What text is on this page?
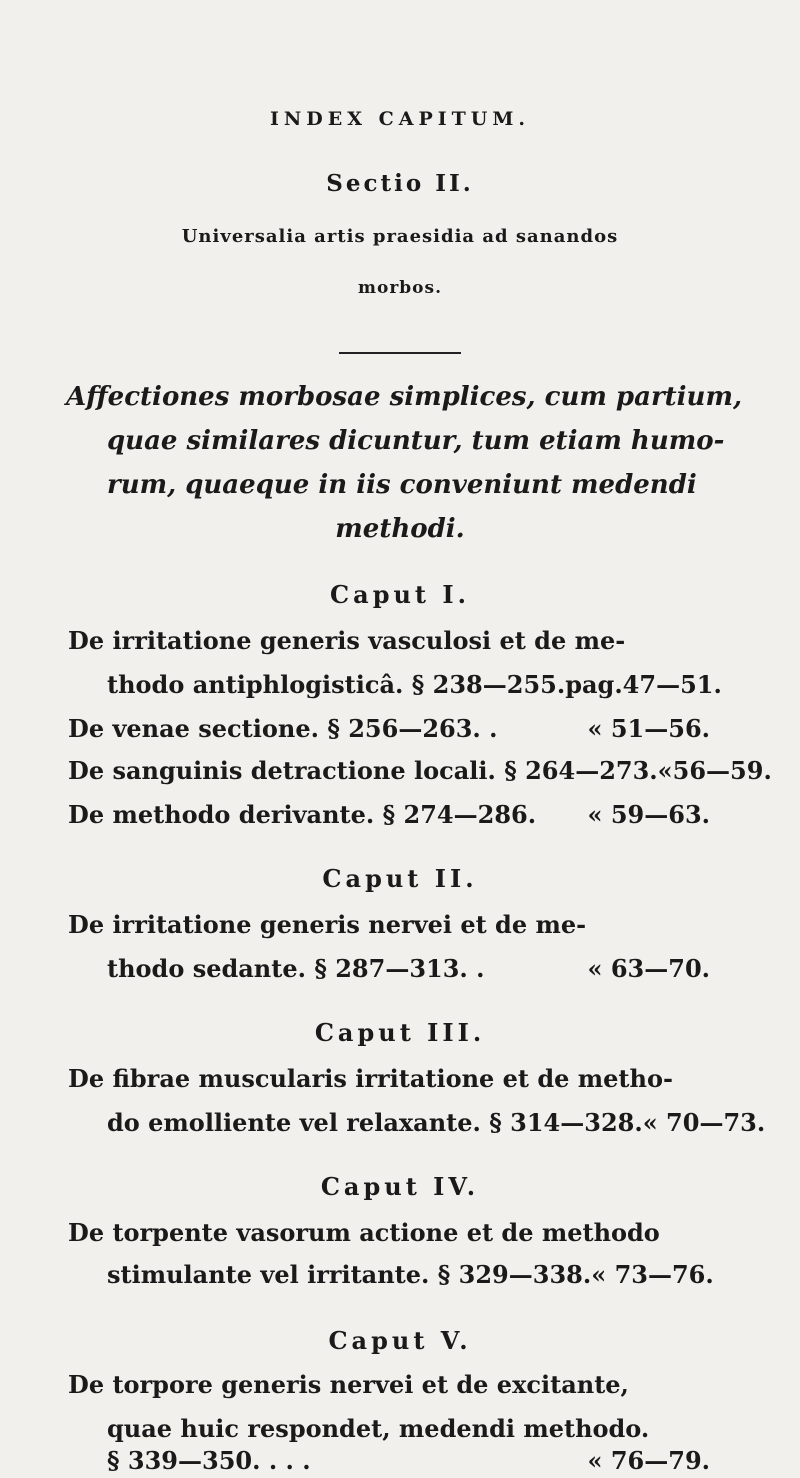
INDEX CAPITUM.
Sectio II.
Universalia artis praesidia ad sanandos
morbos.
Affectiones morbosae simplices, cum partium,
quae similares dicuntur, tum etiam humo-
rum, quaeque in iis conveniunt medendi
methodi.
Caput I.
De irritatione generis vasculosi et de me-
thodo antiphlogisticâ. § 238—255. pag.47—51.
De venae sectione. § 256—263. .	« 51—56.
De sanguinis detractione locali. § 264—273.« 56—59.
De methodo derivante. § 274—286. « 59—63.
Caput II.
De irritatione generis nervei et de me-
thodo sedante. § 287—313. .	« 63—70.
Caput III.
De fibrae muscularis irritatione et de metho-
do emolliente vel relaxante. § 314—328. « 70—73.
Caput IV.
De torpente vasorum actione et de methodo
stimulante vel irritante. § 329—338. « 73—76.
Caput V.
De torpore generis nervei et de excitante,
quae huic respondet, medendi methodo.
§ 339—350. . . .	« 76—79.
